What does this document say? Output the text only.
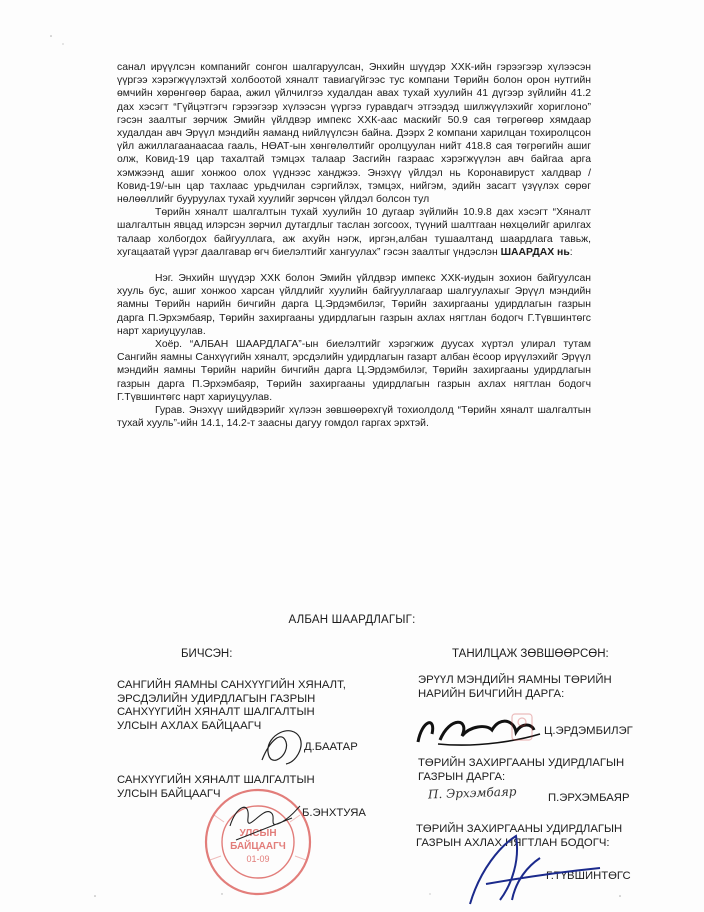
санал ирүүлсэн компанийг сонгон шалгаруулсан, Энхийн шүүдэр ХХК-ийн гэрээгээр хүлээсэн үүргээ хэрэгжүүлэхтэй холбоотой хяналт тавиагүйгээс тус компани Төрийн болон орон нутгийн өмчийн хөрөнгөөр бараа, ажил үйлчилгээ худалдан авах тухай хуулийн 41 дүгээр зүйлийн 41.2 дах хэсэгт “Гүйцэтгэгч гэрээгээр хүлээсэн үүргээ гуравдагч этгээдэд шилжүүлэхийг хориглоно” гэсэн заалтыг зөрчиж Эмийн үйлдвэр импекс ХХК-аас маскийг 50.9 сая төгрөгөөр хямдаар худалдан авч Эрүүл мэндийн яаманд нийлүүлсэн байна. Дээрх 2 компани харилцан тохиролцсон үйл ажиллагаанаасаа гааль, НӨАТ-ын хөнгөлөлтийг оролцуулан нийт 418.8 сая төгрөгийн ашиг олж, Ковид-19 цар тахалтай тэмцэх талаар Засгийн газраас хэрэгжүүлэн авч байгаа арга хэмжээнд ашиг хонжоо олох үүднээс ханджээ. Энэхүү үйлдэл нь Коронавируст халдвар /Ковид-19/-ын цар тахлаас урьдчилан сэргийлэх, тэмцэх, нийгэм, эдийн засагт үзүүлэх сөрөг нөлөөллийг бууруулах тухай хуулийг зөрчсөн үйлдэл болсон тул

Төрийн хяналт шалгалтын тухай хуулийн 10 дугаар зүйлийн 10.9.8 дах хэсэгт “Хяналт шалгалтын явцад илэрсэн зөрчил дутагдлыг таслан зогсоох, түүний шалтгаан нөхцөлийг арилгах талаар холбогдох байгууллага, аж ахуйн нэгж, иргэн,албан тушаалтанд шаардлага тавьж, хугацаатай үүрэг даалгавар өгч биелэлтийг хангуулах” гэсэн заалтыг үндэслэн ШААРДАХ нь:

Нэг. Энхийн шүүдэр ХХК болон Эмийн үйлдвэр импекс ХХК-иудын зохион байгуулсан хууль бус, ашиг хонжоо харсан үйлдлийг хуулийн байгууллагаар шалгуулахыг Эрүүл мэндийн яамны Төрийн нарийн бичгийн дарга Ц.Эрдэмбилэг, Төрийн захиргааны удирдлагын газрын дарга П.Эрхэмбаяр, Төрийн захиргааны удирдлагын газрын ахлах нягтлан бодогч Г.Түвшинтөгс нарт хариуцуулав.

Хоёр. “АЛБАН ШААРДЛАГА”-ын биелэлтийг хэрэгжиж дуусах хүртэл улирал тутам Сангийн яамны Санхүүгийн хяналт, эрсдэлийн удирдлагын газарт албан ёсоор ирүүлэхийг Эрүүл мэндийн яамны Төрийн нарийн бичгийн дарга Ц.Эрдэмбилэг, Төрийн захиргааны удирдлагын газрын дарга П.Эрхэмбаяр, Төрийн захиргааны удирдлагын газрын ахлах нягтлан бодогч Г.Түвшинтөгс нарт хариуцуулав.

Гурав. Энэхүү шийдвэрийг хүлээн зөвшөөрөхгүй тохиолдолд “Төрийн хяналт шалгалтын тухай хууль”-ийн 14.1, 14.2-т заасны дагуу гомдол гаргах эрхтэй.

АЛБАН ШААРДЛАГЫГ:
БИЧСЭН:	ТАНИЛЦАЖ ЗӨВШӨӨРСӨН:
САНГИЙН ЯАМНЫ САНХҮҮГИЙН ХЯНАЛТ,
ЭРСДЭЛИЙН УДИРДЛАГЫН ГАЗРЫН
САНХҮҮГИЙН ХЯНАЛТ ШАЛГАЛТЫН
УЛСЫН АХЛАХ БАЙЦААГЧ
Д.БААТАР
САНХҮҮГИЙН ХЯНАЛТ ШАЛГАЛТЫН
УЛСЫН БАЙЦААГЧ
Б.ЭНХТУЯА
ЭРҮҮЛ МЭНДИЙН ЯАМНЫ ТӨРИЙН
НАРИЙН БИЧГИЙН ДАРГА:
Ц.ЭРДЭМБИЛЭГ
ТӨРИЙН ЗАХИРГААНЫ УДИРДЛАГЫН
ГАЗРЫН ДАРГА:
П.ЭРХЭМБАЯР
ТӨРИЙН ЗАХИРГААНЫ УДИРДЛАГЫН
ГАЗРЫН АХЛАХ НЯГТЛАН БОДОГЧ:
Г.ТҮВШИНТӨГС
УЛСЫН
БАЙЦААГЧ
01-09
П. Эрхэмбаяр
